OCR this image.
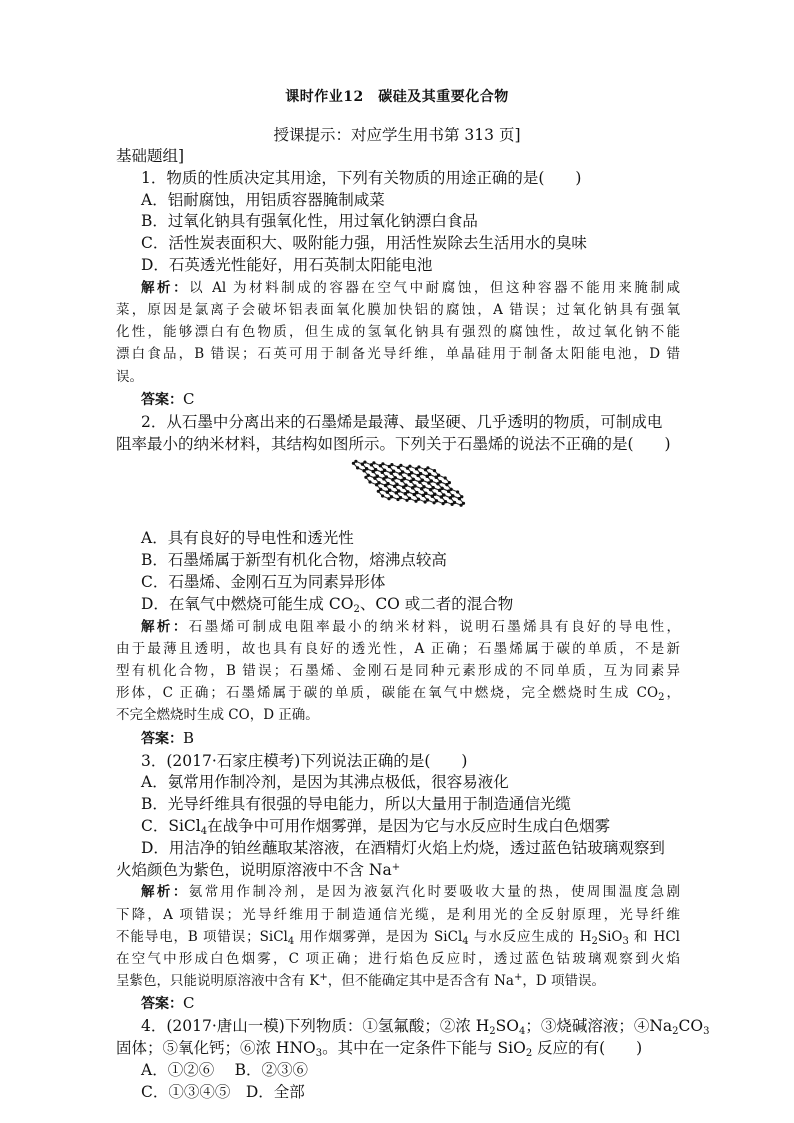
课时作业12　碳硅及其重要化合物
授课提示：对应学生用书第 313 页]
基础题组]
1．物质的性质决定其用途，下列有关物质的用途正确的是(　　)
A．铝耐腐蚀，用铝质容器腌制咸菜
B．过氧化钠具有强氧化性，用过氧化钠漂白食品
C．活性炭表面积大、吸附能力强，用活性炭除去生活用水的臭味
D．石英透光性能好，用石英制太阳能电池
解析：以 Al 为材料制成的容器在空气中耐腐蚀，但这种容器不能用来腌制咸
菜，原因是氯离子会破坏铝表面氧化膜加快铝的腐蚀，A 错误；过氧化钠具有强氧
化性，能够漂白有色物质，但生成的氢氧化钠具有强烈的腐蚀性，故过氧化钠不能
漂白食品，B 错误；石英可用于制备光导纤维，单晶硅用于制备太阳能电池，D 错
误。
答案：C
2．从石墨中分离出来的石墨烯是最薄、最坚硬、几乎透明的物质，可制成电
阻率最小的纳米材料，其结构如图所示。下列关于石墨烯的说法不正确的是(　　)
A．具有良好的导电性和透光性
B．石墨烯属于新型有机化合物，熔沸点较高
C．石墨烯、金刚石互为同素异形体
D．在氧气中燃烧可能生成 $CO_2$、CO 或二者的混合物
解析：石墨烯可制成电阻率最小的纳米材料，说明石墨烯具有良好的导电性，
由于最薄且透明，故也具有良好的透光性，A 正确；石墨烯属于碳的单质，不是新
型有机化合物，B 错误；石墨烯、金刚石是同种元素形成的不同单质，互为同素异
形体，C 正确；石墨烯属于碳的单质，碳能在氧气中燃烧，完全燃烧时生成 $CO_2$，
不完全燃烧时生成 CO，D 正确。
答案：B
3．(2017·石家庄模考)下列说法正确的是(　　)
A．氨常用作制冷剂，是因为其沸点极低，很容易液化
B．光导纤维具有很强的导电能力，所以大量用于制造通信光缆
C．SiCl$_4$在战争中可用作烟雾弹，是因为它与水反应时生成白色烟雾
D．用洁净的铂丝蘸取某溶液，在酒精灯火焰上灼烧，透过蓝色钴玻璃观察到
火焰颜色为紫色，说明原溶液中不含 Na+
解析：氨常用作制冷剂，是因为液氨汽化时要吸收大量的热，使周围温度急剧
下降，A 项错误；光导纤维用于制造通信光缆，是利用光的全反射原理，光导纤维
不能导电，B 项错误；SiCl$_4$ 用作烟雾弹，是因为 SiCl$_4$ 与水反应生成的 $H_2SiO_3$ 和 HCl
在空气中形成白色烟雾，C 项正确；进行焰色反应时，透过蓝色钴玻璃观察到火焰
呈紫色，只能说明原溶液中含有 K+，但不能确定其中是否含有 Na+，D 项错误。
答案：C
4．(2017·唐山一模)下列物质：①氢氟酸；②浓 $H_2SO_4$；③烧碱溶液；$④Na_2CO_3$
固体；⑤氧化钙；⑥浓 $HNO_3$。其中在一定条件下能与 SiO$_2$ 反应的有(　　)
A．①②⑥　 B．②③⑥
C．①③④⑤　D．全部
